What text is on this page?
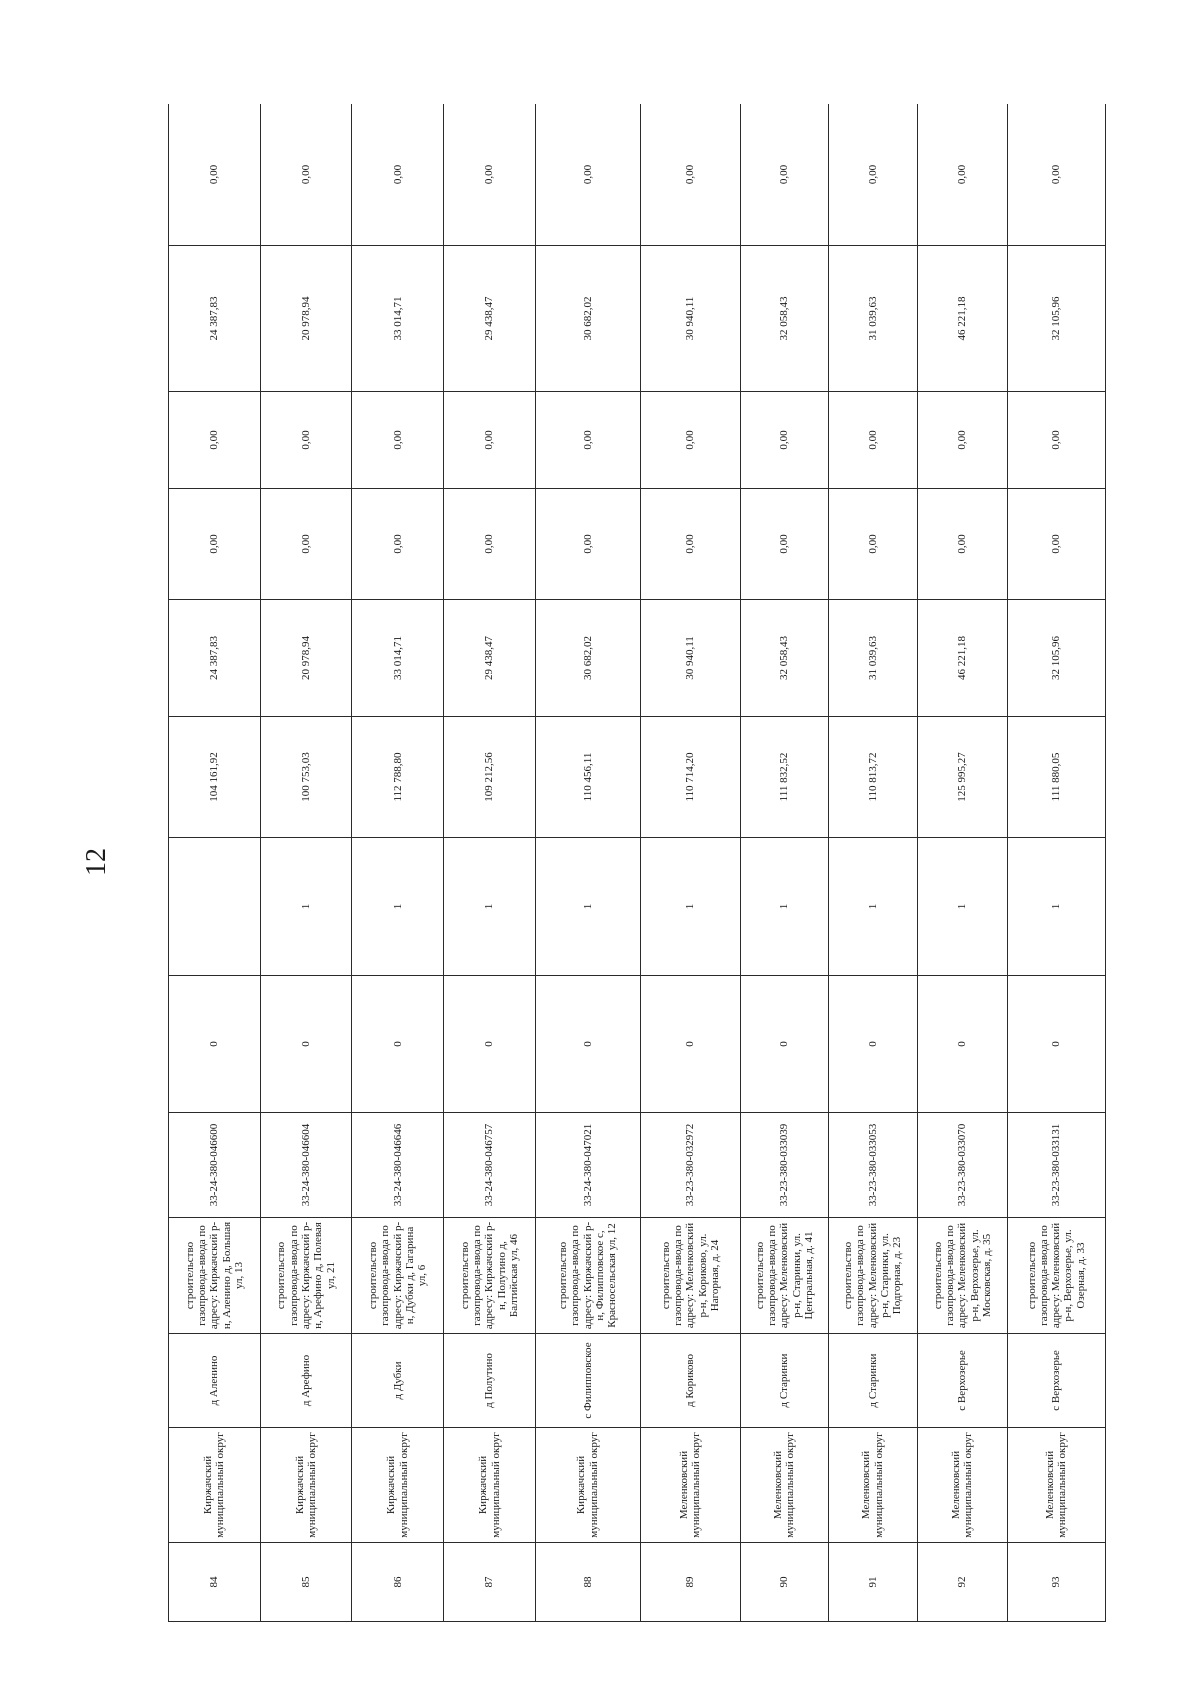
12
84	Киржачский муниципальный округ	д Аленино	строительство газопровода-ввода по адресу: Киржачский р-н, Аленино д, Большая ул, 13	33-24-380-046600	0		104 161,92	24 387,83	0,00	0,00	24 387,83	0,00
85	Киржачский муниципальный округ	д Арефино	строительство газопровода-ввода по адресу: Киржачский р-н, Арефино д, Полевая ул, 21	33-24-380-046604	0	1	100 753,03	20 978,94	0,00	0,00	20 978,94	0,00
86	Киржачский муниципальный округ	д Дубки	строительство газопровода-ввода по адресу: Киржачский р-н, Дубки д, Гагарина ул, 6	33-24-380-046646	0	1	112 788,80	33 014,71	0,00	0,00	33 014,71	0,00
87	Киржачский муниципальный округ	д Полутино	строительство газопровода-ввода по адресу: Киржачский р-н, Полутино д, Балтийская ул, 46	33-24-380-046757	0	1	109 212,56	29 438,47	0,00	0,00	29 438,47	0,00
88	Киржачский муниципальный округ	с Филипповское	строительство газопровода-ввода по адресу: Киржачский р-н, Филипповское с, Красносельская ул, 12	33-24-380-047021	0	1	110 456,11	30 682,02	0,00	0,00	30 682,02	0,00
89	Меленковский муниципальный округ	д Кориково	строительство газопровода-ввода по адресу: Меленковский р-н, Кориково, ул. Нагорная, д. 24	33-23-380-032972	0	1	110 714,20	30 940,11	0,00	0,00	30 940,11	0,00
90	Меленковский муниципальный округ	д Старинки	строительство газопровода-ввода по адресу: Меленковский р-н, Старинки, ул. Центральная, д. 41	33-23-380-033039	0	1	111 832,52	32 058,43	0,00	0,00	32 058,43	0,00
91	Меленковский муниципальный округ	д Старинки	строительство газопровода-ввода по адресу: Меленковский р-н, Старинки, ул. Подгорная, д. 23	33-23-380-033053	0	1	110 813,72	31 039,63	0,00	0,00	31 039,63	0,00
92	Меленковский муниципальный округ	с Верхозерье	строительство газопровода-ввода по адресу: Меленковский р-н, Верхозерье, ул. Московская, д. 35	33-23-380-033070	0	1	125 995,27	46 221,18	0,00	0,00	46 221,18	0,00
93	Меленковский муниципальный округ	с Верхозерье	строительство газопровода-ввода по адресу: Меленковский р-н, Верхозерье, ул. Озерная, д. 33	33-23-380-033131	0	1	111 880,05	32 105,96	0,00	0,00	32 105,96	0,00
